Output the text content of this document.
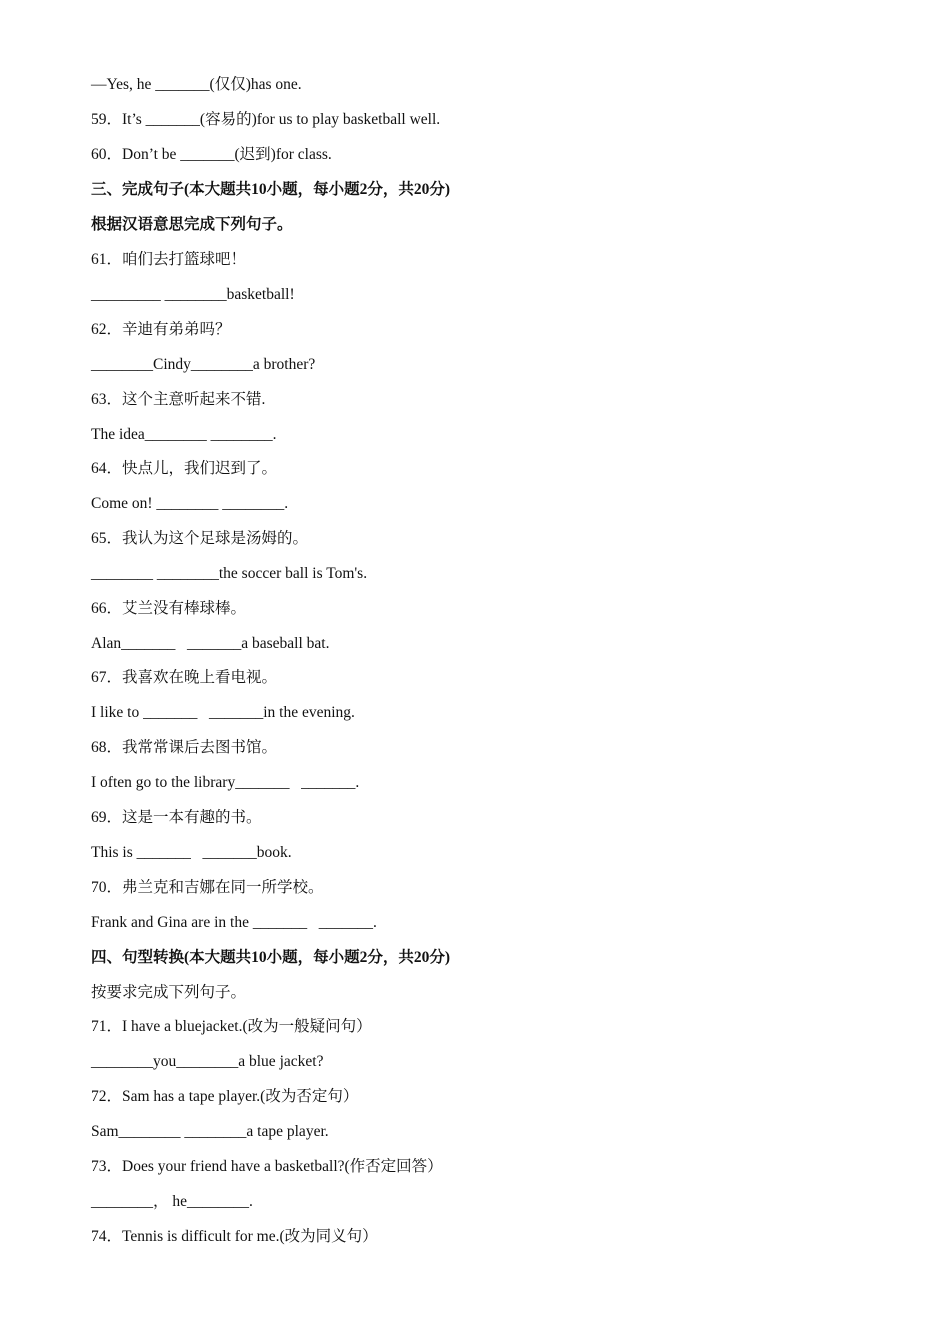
—Yes, he _______(仅仅)has one.
59．It’s _______(容易的)for us to play basketball well.
60．Don’t be _______(迟到)for class.
三、完成句子(本大题共10小题，每小题2分，共20分)
根据汉语意思完成下列句子。
61．咱们去打篮球吧！
_________ ________basketball!
62．辛迪有弟弟吗？
________Cindy________a brother?
63．这个主意听起来不错.
The idea________ ________.
64．快点儿，我们迟到了。
Come on! ________ ________.
65．我认为这个足球是汤姆的。
________ ________the soccer ball is Tom's.
66．艾兰没有棒球棒。
Alan_______   _______a baseball bat.
67．我喜欢在晚上看电视。
I like to _______   _______in the evening.
68．我常常课后去图书馆。
I often go to the library_______   _______.
69．这是一本有趣的书。
This is _______   _______book.
70．弗兰克和吉娜在同一所学校。
Frank and Gina are in the _______   _______.
四、句型转换(本大题共10小题，每小题2分，共20分)
按要求完成下列句子。
71．I have a bluejacket.(改为一般疑问句）
________you________a blue jacket?
72．Sam has a tape player.(改为否定句）
Sam________ ________a tape player.
73．Does your friend have a basketball?(作否定回答）
________， he________.
74．Tennis is difficult for me.(改为同义句）
